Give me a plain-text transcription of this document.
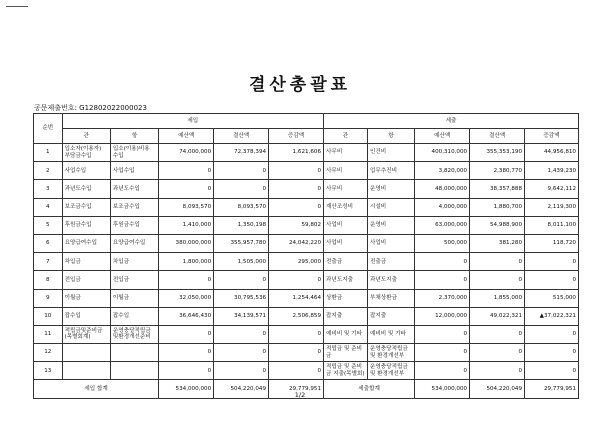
결산총괄표
공문제출번호: G12802022000023
순번	세입					세출				
	관	항	예산액	결산액	증감액	관	항	예산액	결산액	증감액
1	입소자(이용자) 부담금수입	입소(이용)비용 수입	74,000,000	72,378,394	1,621,606	사무비	인건비	400,310,000	355,353,190	44,956,810
2	사업수입	사업수입	0	0	0	사무비	업무추진비	3,820,000	2,380,770	1,439,230
3	과년도수입	과년도수입	0	0	0	사무비	운영비	48,000,000	38,357,888	9,642,112
4	보조금수입	보조금수입	8,093,570	8,093,570	0	재산조성비	시설비	4,000,000	1,880,700	2,119,300
5	후원금수입	후원금수입	1,410,000	1,350,198	59,802	사업비	운영비	63,000,000	54,988,900	8,011,100
6	요양급여수입	요양급여수입	380,000,000	355,957,780	24,042,220	사업비	사업비	500,000	381,280	118,720
7	차입금	차입금	1,800,000	1,505,000	295,000	전출금	전출금	0	0	0
8	전입금	전입금	0	0	0	과년도지출	과년도지출	0	0	0
9	이월금	이월금	32,050,000	30,795,536	1,254,464	상환금	부채상환금	2,370,000	1,855,000	515,000
10	잡수입	잡수입	36,646,430	34,139,571	2,506,859	잡지출	잡지출	12,000,000	49,022,321	▲37,022,321
11	적립금및준비금 (목별회계)	운영충당적립금 및환경개선준비	0	0	0	예비비 및 기타	예비비 및 기타	0	0	0
12			0	0	0	적립금 및 준비금	운영충당적립금 및 환경개선부	0	0	0
13			0	0	0	적립금 및 준비금 지출(목별회)	운영충당적립금 및 환경개선부	0	0	0
세입 합계			534,000,000	504,220,049	29,779,951	세출합계		534,000,000	504,220,049	29,779,951
1/2
